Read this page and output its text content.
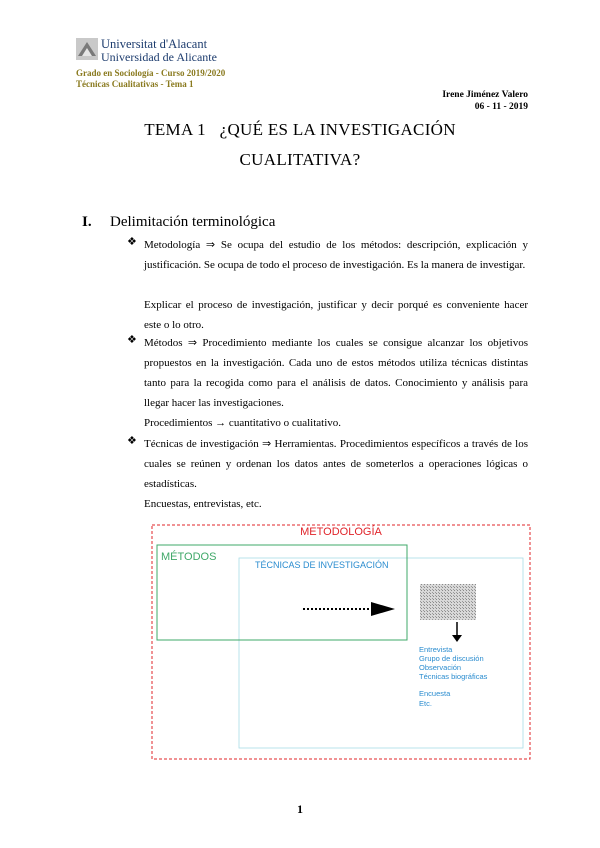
Universitat d'Alacant
Universidad de Alicante
Grado en Sociología - Curso 2019/2020
Técnicas Cualitativas - Tema 1
Irene Jiménez Valero
06 - 11 - 2019
TEMA 1   ¿QUÉ ES LA INVESTIGACIÓN
CUALITATIVA?
I. Delimitación terminológica
❖ Metodología ⇒ Se ocupa del estudio de los métodos: descripción, explicación y justificación. Se ocupa de todo el proceso de investigación. Es la manera de investigar.
Explicar el proceso de investigación, justificar y decir porqué es conveniente hacer este o lo otro.
❖ Métodos ⇒ Procedimiento mediante los cuales se consigue alcanzar los objetivos propuestos en la investigación. Cada uno de estos métodos utiliza técnicas distintas tanto para la recogida como para el análisis de datos. Conocimiento y análisis para llegar hacer las investigaciones.
Procedimientos → cuantitativo o cualitativo.
❖ Técnicas de investigación ⇒ Herramientas. Procedimientos específicos a través de los cuales se reúnen y ordenan los datos antes de someterlos a operaciones lógicas o estadísticas.
Encuestas, entrevistas, etc.
METODOLOGÍA
MÉTODOS
TÉCNICAS DE INVESTIGACIÓN
Entrevista
Grupo de discusión
Observación
Técnicas biográficas
Encuesta
Etc.
1
